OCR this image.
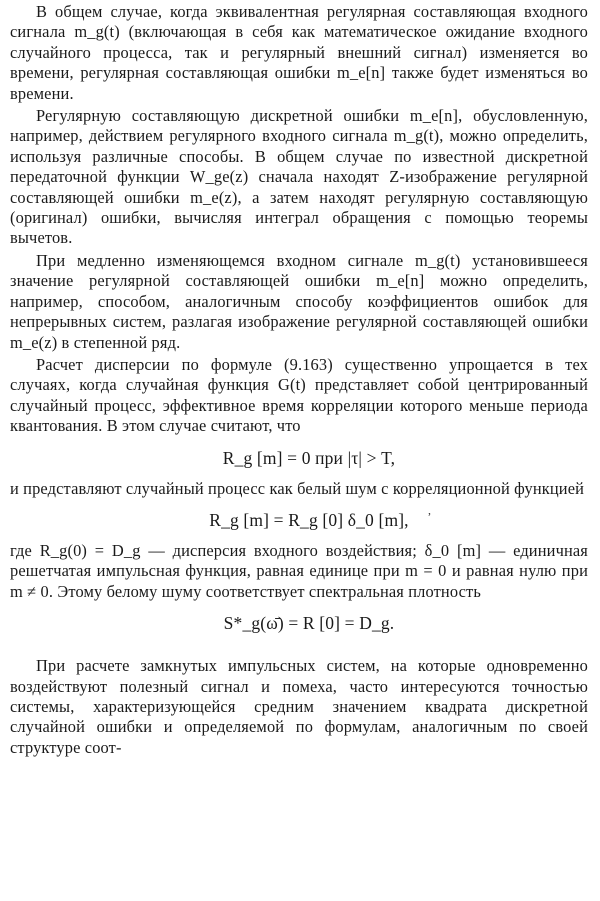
В общем случае, когда эквивалентная регулярная составляющая входного сигнала m_g(t) (включающая в себя как математическое ожидание входного случайного процесса, так и регулярный внешний сигнал) изменяется во времени, регулярная составляющая ошибки m_e[n] также будет изменяться во времени.

Регулярную составляющую дискретной ошибки m_e[n], обусловленную, например, действием регулярного входного сигнала m_g(t), можно определить, используя различные способы. В общем случае по известной дискретной передаточной функции W_ge(z) сначала находят Z-изображение регулярной составляющей ошибки m_e(z), а затем находят регулярную составляющую (оригинал) ошибки, вычисляя интеграл обращения с помощью теоремы вычетов.

При медленно изменяющемся входном сигнале m_g(t) установившееся значение регулярной составляющей ошибки m_e[n] можно определить, например, способом, аналогичным способу коэффициентов ошибок для непрерывных систем, разлагая изображение регулярной составляющей ошибки m_e(z) в степенной ряд.

Расчет дисперсии по формуле (9.163) существенно упрощается в тех случаях, когда случайная функция G(t) представляет собой центрированный случайный процесс, эффективное время корреляции которого меньше периода квантования. В этом случае считают, что

R_g [m] = 0 при |τ| > T,

и представляют случайный процесс как белый шум с корреляционной функцией

R_g [m] = R_g [0] δ_0 [m],

где R_g(0) = D_g — дисперсия входного воздействия; δ_0 [m] — единичная решетчатая импульсная функция, равная единице при m = 0 и равная нулю при m ≠ 0. Этому белому шуму соответствует спектральная плотность

S*_g(ω̄) = R [0] = D_g.

При расчете замкнутых импульсных систем, на которые одновременно воздействуют полезный сигнал и помеха, часто интересуются точностью системы, характеризующейся средним значением квадрата дискретной случайной ошибки и определяемой по формулам, аналогичным по своей структуре соот-

,
